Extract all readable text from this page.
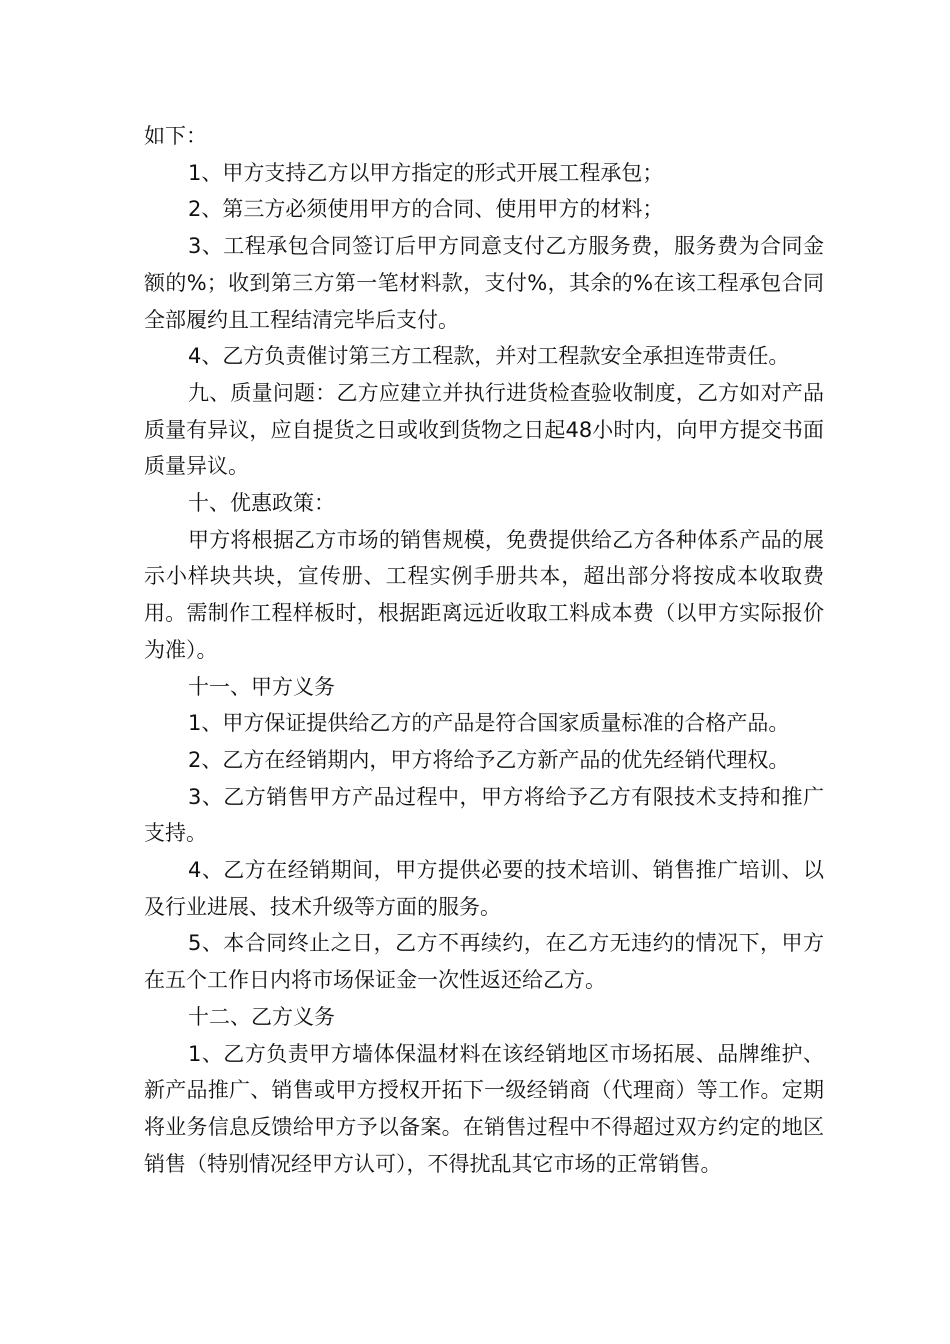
如下：

1、甲方支持乙方以甲方指定的形式开展工程承包；

2、第三方必须使用甲方的合同、使用甲方的材料；

3、工程承包合同签订后甲方同意支付乙方服务费，服务费为合同金额的%；收到第三方第一笔材料款，支付%，其余的%在该工程承包合同全部履约且工程结清完毕后支付。

4、乙方负责催讨第三方工程款，并对工程款安全承担连带责任。

九、质量问题：乙方应建立并执行进货检查验收制度，乙方如对产品质量有异议，应自提货之日或收到货物之日起48小时内，向甲方提交书面质量异议。

十、优惠政策：

甲方将根据乙方市场的销售规模，免费提供给乙方各种体系产品的展示小样块共块，宣传册、工程实例手册共本，超出部分将按成本收取费用。需制作工程样板时，根据距离远近收取工料成本费（以甲方实际报价为准）。

十一、甲方义务

1、甲方保证提供给乙方的产品是符合国家质量标准的合格产品。

2、乙方在经销期内，甲方将给予乙方新产品的优先经销代理权。

3、乙方销售甲方产品过程中，甲方将给予乙方有限技术支持和推广支持。

4、乙方在经销期间，甲方提供必要的技术培训、销售推广培训、以及行业进展、技术升级等方面的服务。

5、本合同终止之日，乙方不再续约，在乙方无违约的情况下，甲方在五个工作日内将市场保证金一次性返还给乙方。

十二、乙方义务

1、乙方负责甲方墙体保温材料在该经销地区市场拓展、品牌维护、新产品推广、销售或甲方授权开拓下一级经销商（代理商）等工作。定期将业务信息反馈给甲方予以备案。在销售过程中不得超过双方约定的地区销售（特别情况经甲方认可），不得扰乱其它市场的正常销售。
